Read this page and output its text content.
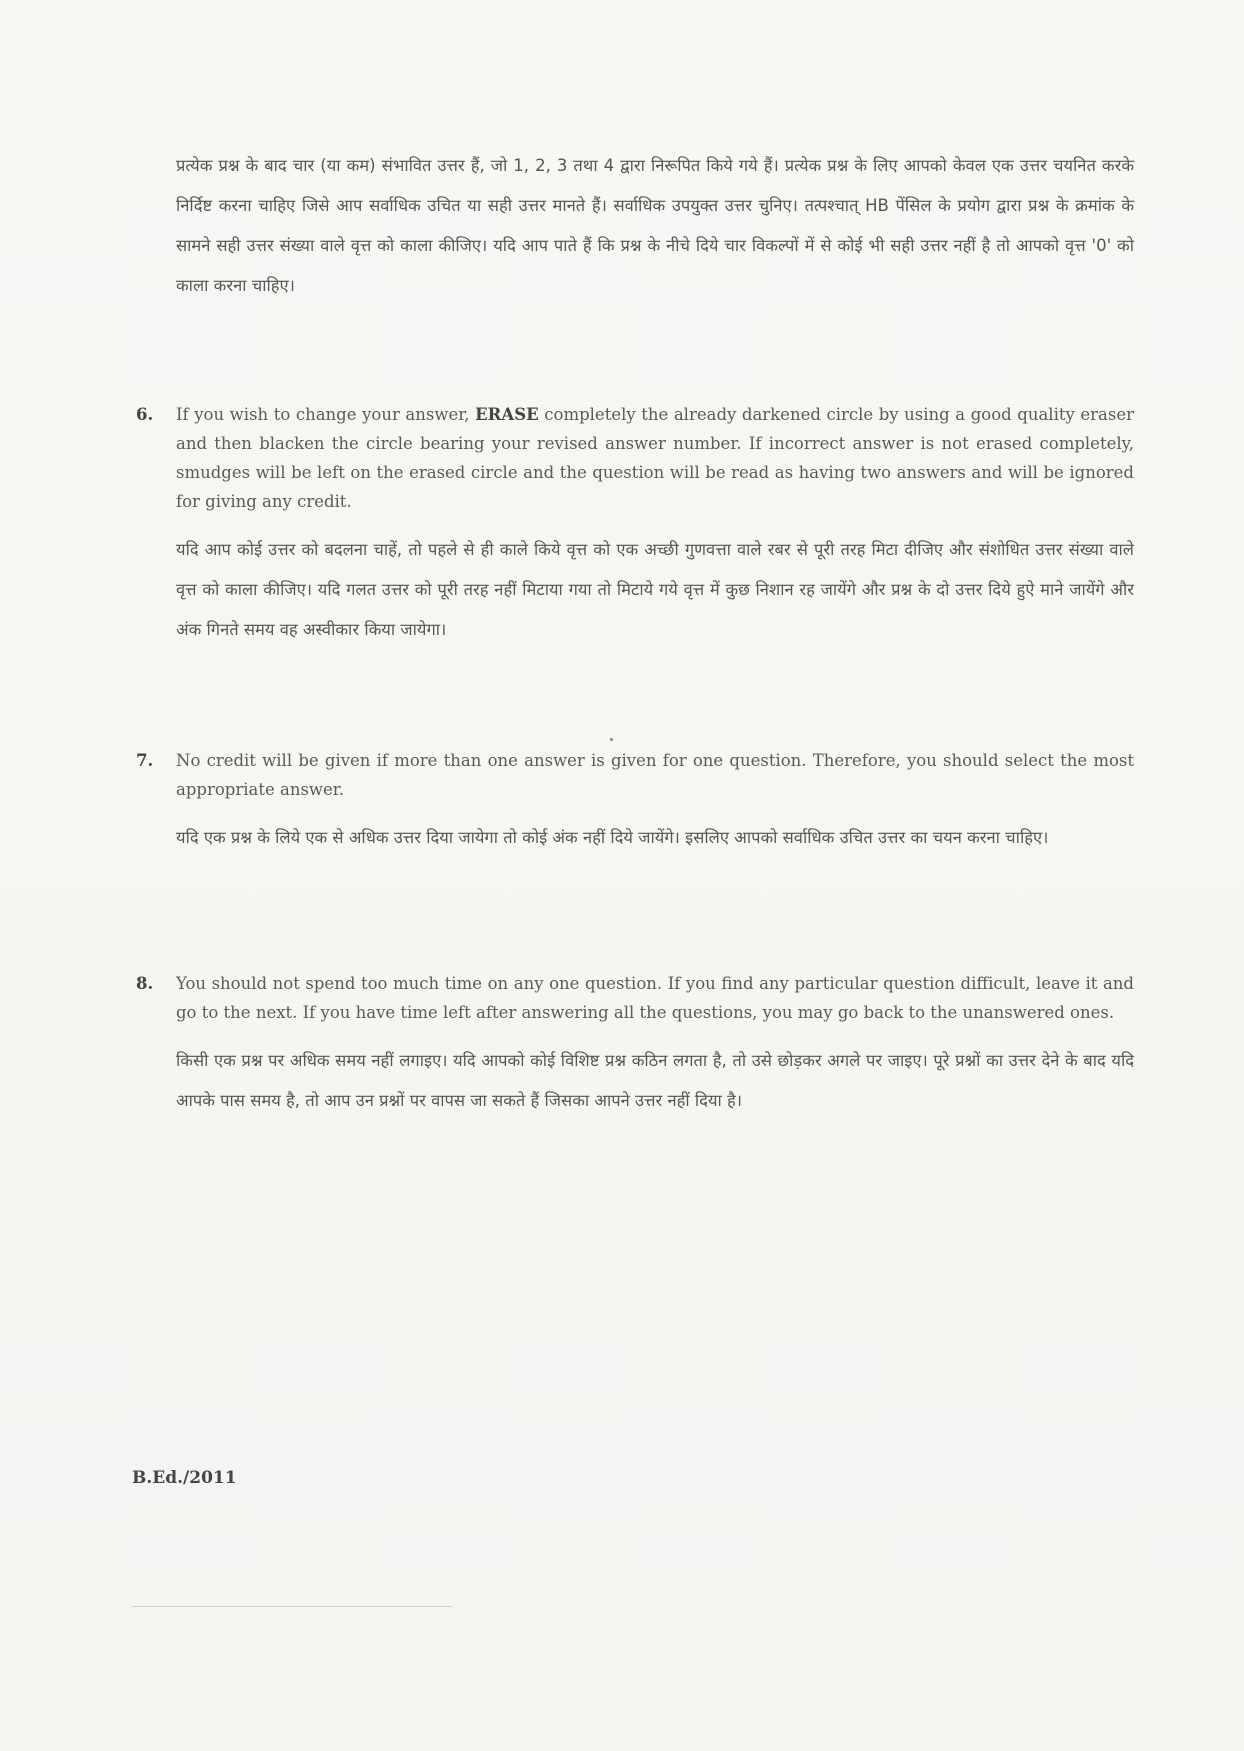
प्रत्येक प्रश्न के बाद चार (या कम) संभावित उत्तर हैं, जो 1, 2, 3 तथा 4 द्वारा निरूपित किये गये हैं। प्रत्येक प्रश्न के लिए आपको केवल एक उत्तर चयनित करके निर्दिष्ट करना चाहिए जिसे आप सर्वाधिक उचित या सही उत्तर मानते हैं। सर्वाधिक उपयुक्त उत्तर चुनिए। तत्पश्चात् HB पेंसिल के प्रयोग द्वारा प्रश्न के क्रमांक के सामने सही उत्तर संख्या वाले वृत्त को काला कीजिए। यदि आप पाते हैं कि प्रश्न के नीचे दिये चार विकल्पों में से कोई भी सही उत्तर नहीं है तो आपको वृत्त '0' को काला करना चाहिए।

6. If you wish to change your answer, ERASE completely the already darkened circle by using a good quality eraser and then blacken the circle bearing your revised answer number. If incorrect answer is not erased completely, smudges will be left on the erased circle and the question will be read as having two answers and will be ignored for giving any credit.

यदि आप कोई उत्तर को बदलना चाहें, तो पहले से ही काले किये वृत्त को एक अच्छी गुणवत्ता वाले रबर से पूरी तरह मिटा दीजिए और संशोधित उत्तर संख्या वाले वृत्त को काला कीजिए। यदि गलत उत्तर को पूरी तरह नहीं मिटाया गया तो मिटाये गये वृत्त में कुछ निशान रह जायेंगे और प्रश्न के दो उत्तर दिये हुऐ माने जायेंगे और अंक गिनते समय वह अस्वीकार किया जायेगा।

7. No credit will be given if more than one answer is given for one question. Therefore, you should select the most appropriate answer.

यदि एक प्रश्न के लिये एक से अधिक उत्तर दिया जायेगा तो कोई अंक नहीं दिये जायेंगे। इसलिए आपको सर्वाधिक उचित उत्तर का चयन करना चाहिए।

8. You should not spend too much time on any one question. If you find any particular question difficult, leave it and go to the next. If you have time left after answering all the questions, you may go back to the unanswered ones.

किसी एक प्रश्न पर अधिक समय नहीं लगाइए। यदि आपको कोई विशिष्ट प्रश्न कठिन लगता है, तो उसे छोड़कर अगले पर जाइए। पूरे प्रश्नों का उत्तर देने के बाद यदि आपके पास समय है, तो आप उन प्रश्नों पर वापस जा सकते हैं जिसका आपने उत्तर नहीं दिया है।

B.Ed./2011
